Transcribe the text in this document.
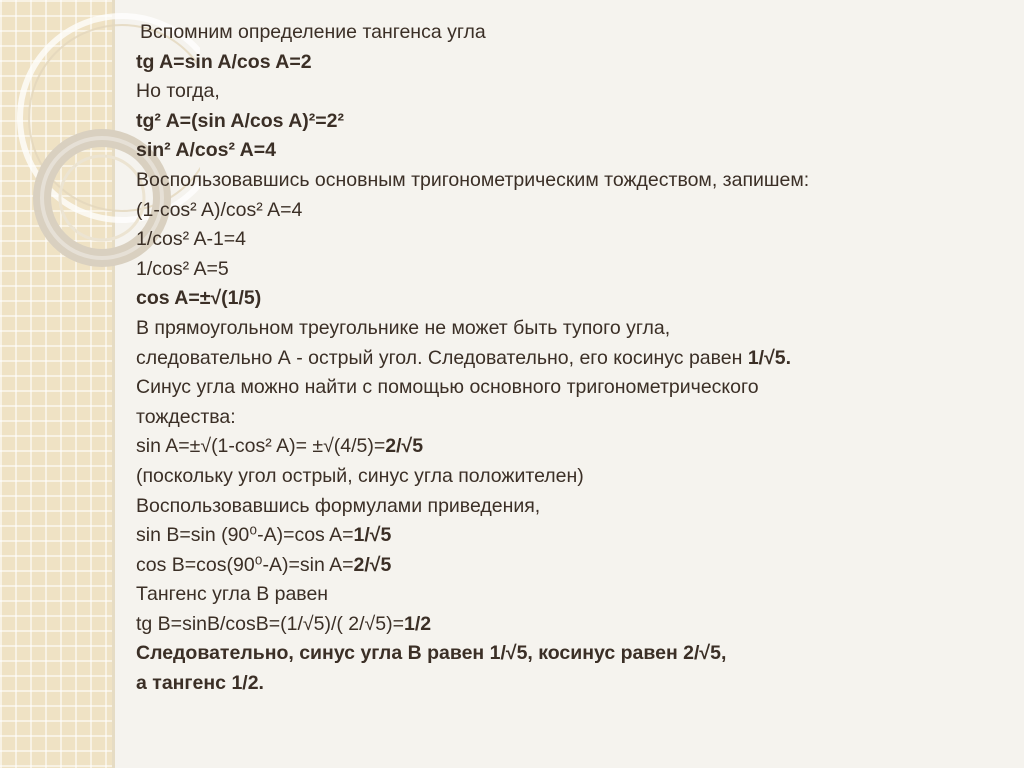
Вспомним определение тангенса угла
tg A=sin A/cos A=2
Но тогда,
tg² A=(sin A/cos A)²=2²
sin² A/cos² A=4
Воспользовавшись основным тригонометрическим тождеством, запишем:
(1-cos² A)/cos² A=4
1/cos² A-1=4
1/cos² A=5
cos A=±√(1/5)
В прямоугольном треугольнике не может быть тупого угла,
следовательно А - острый угол. Следовательно, его косинус равен 1/√5.
Синус угла можно найти с помощью основного тригонометрического
тождества:
sin A=±√(1-cos² A)= ±√(4/5)=2/√5
(поскольку угол острый, синус угла положителен)
Воспользовавшись формулами приведения,
sin B=sin (90⁰-A)=cos A=1/√5
cos B=cos(90⁰-A)=sin A=2/√5
Тангенс угла В равен
tg B=sinB/cosB=(1/√5)/( 2/√5)=1/2
Следовательно, синус угла В равен 1/√5, косинус равен 2/√5,
а тангенс 1/2.
